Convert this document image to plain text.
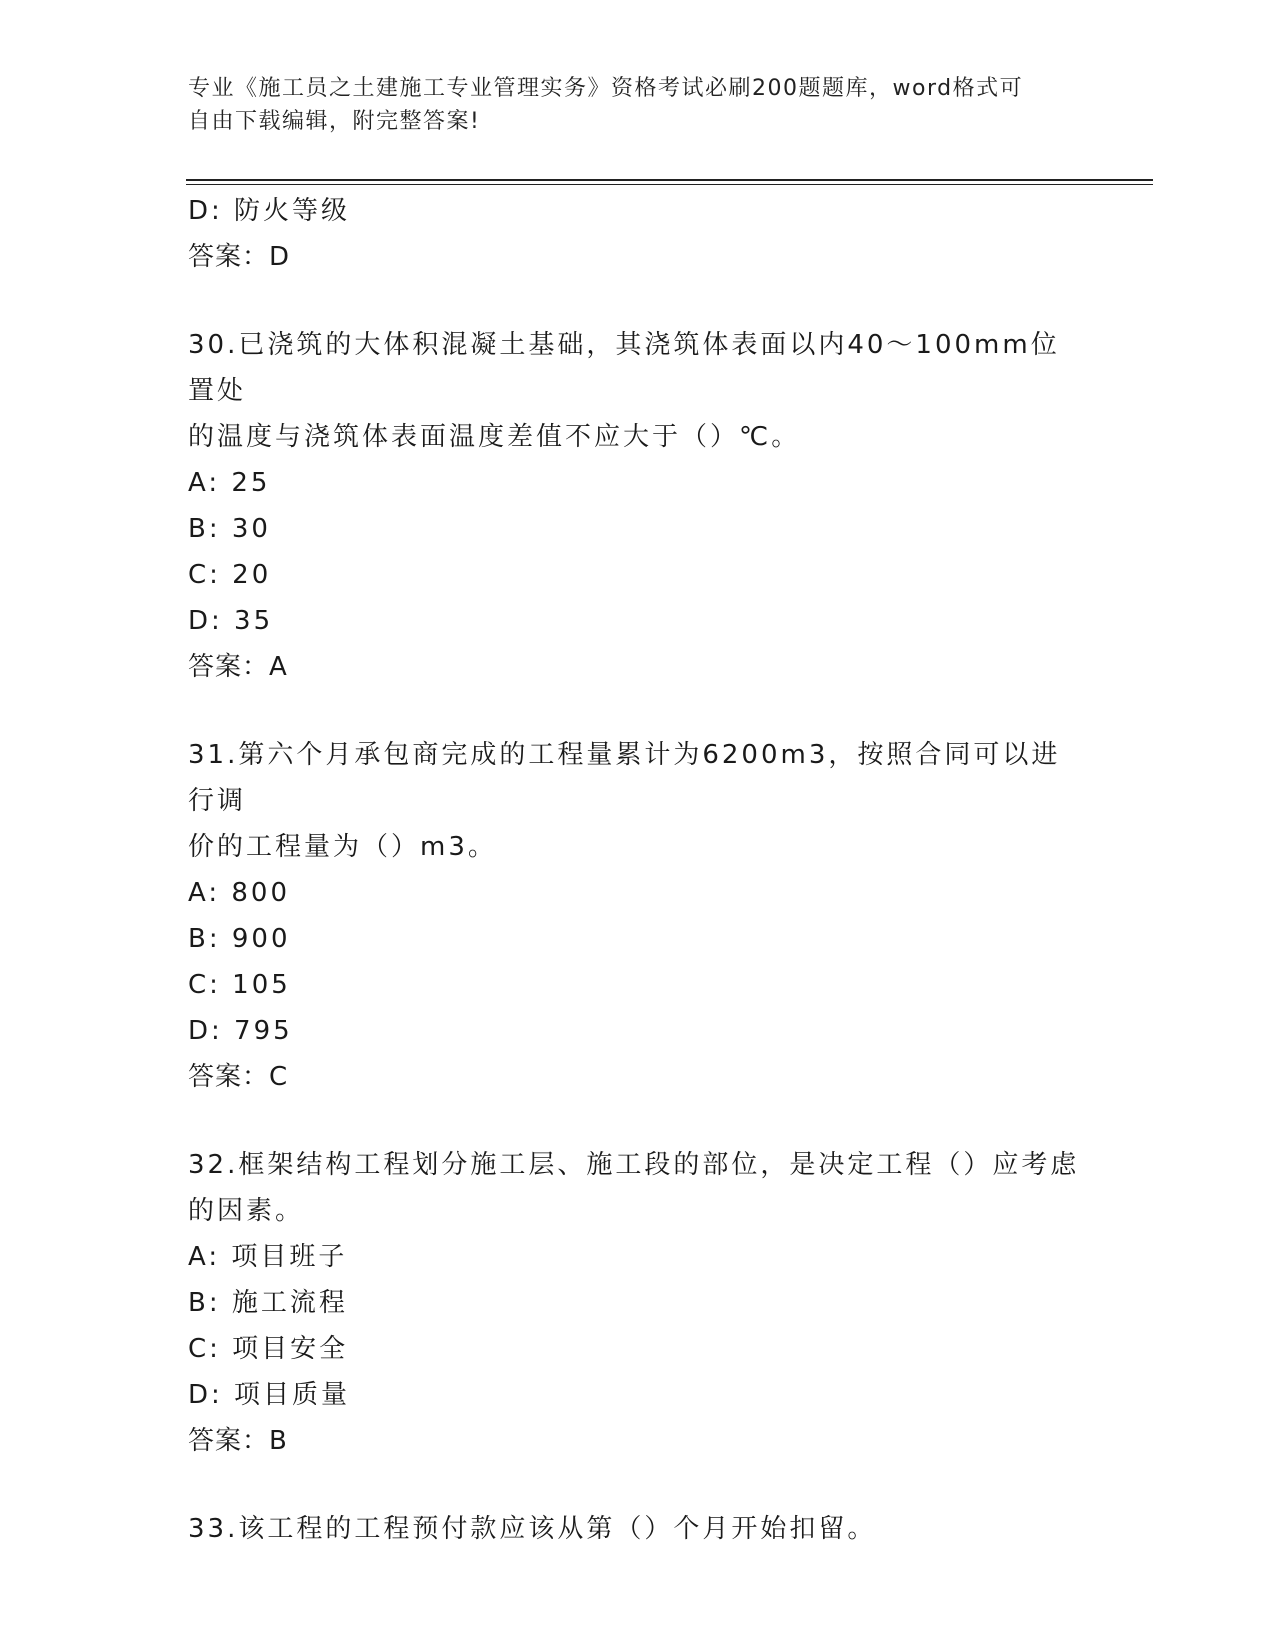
专业《施工员之土建施工专业管理实务》资格考试必刷200题题库，word格式可
自由下载编辑，附完整答案!
D: 防火等级
答案：D
30.已浇筑的大体积混凝土基础，其浇筑体表面以内40～100mm位置处
的温度与浇筑体表面温度差值不应大于（）℃。
A: 25
B: 30
C: 20
D: 35
答案：A
31.第六个月承包商完成的工程量累计为6200m3，按照合同可以进行调
价的工程量为（）m3。
A: 800
B: 900
C: 105
D: 795
答案：C
32.框架结构工程划分施工层、施工段的部位，是决定工程（）应考虑
的因素。
A: 项目班子
B: 施工流程
C: 项目安全
D: 项目质量
答案：B
33.该工程的工程预付款应该从第（）个月开始扣留。
